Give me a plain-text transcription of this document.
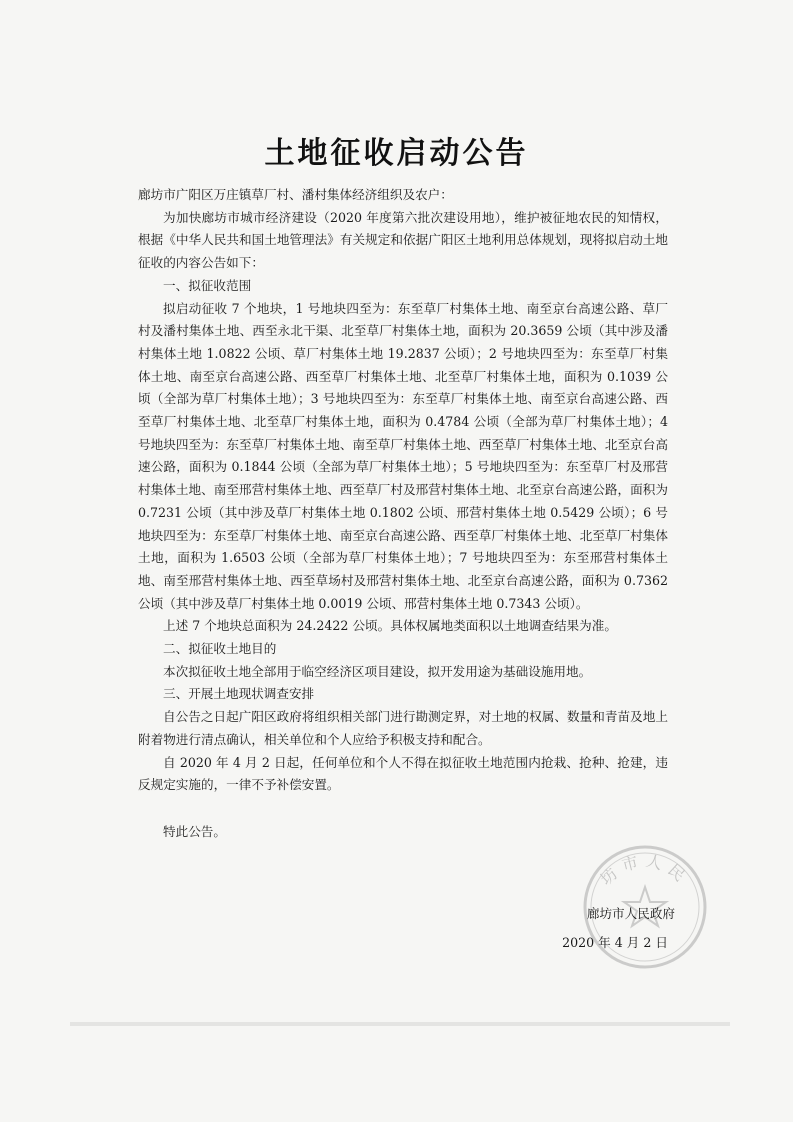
土地征收启动公告

廊坊市广阳区万庄镇草厂村、潘村集体经济组织及农户：

为加快廊坊市城市经济建设（2020 年度第六批次建设用地），维护被征地农民的知情权，根据《中华人民共和国土地管理法》有关规定和依据广阳区土地利用总体规划，现将拟启动土地征收的内容公告如下：

一、拟征收范围

拟启动征收 7 个地块，1 号地块四至为：东至草厂村集体土地、南至京台高速公路、草厂村及潘村集体土地、西至永北干渠、北至草厂村集体土地，面积为 20.3659 公顷（其中涉及潘村集体土地 1.0822 公顷、草厂村集体土地 19.2837 公顷）；2 号地块四至为：东至草厂村集体土地、南至京台高速公路、西至草厂村集体土地、北至草厂村集体土地，面积为 0.1039 公顷（全部为草厂村集体土地）；3 号地块四至为：东至草厂村集体土地、南至京台高速公路、西至草厂村集体土地、北至草厂村集体土地，面积为 0.4784 公顷（全部为草厂村集体土地）；4 号地块四至为：东至草厂村集体土地、南至草厂村集体土地、西至草厂村集体土地、北至京台高速公路，面积为 0.1844 公顷（全部为草厂村集体土地）；5 号地块四至为：东至草厂村及邢营村集体土地、南至邢营村集体土地、西至草厂村及邢营村集体土地、北至京台高速公路，面积为 0.7231 公顷（其中涉及草厂村集体土地 0.1802 公顷、邢营村集体土地 0.5429 公顷）；6 号地块四至为：东至草厂村集体土地、南至京台高速公路、西至草厂村集体土地、北至草厂村集体土地，面积为 1.6503 公顷（全部为草厂村集体土地）；7 号地块四至为：东至邢营村集体土地、南至邢营村集体土地、西至草场村及邢营村集体土地、北至京台高速公路，面积为 0.7362 公顷（其中涉及草厂村集体土地 0.0019 公顷、邢营村集体土地 0.7343 公顷）。

上述 7 个地块总面积为 24.2422 公顷。具体权属地类面积以土地调查结果为准。

二、拟征收土地目的

本次拟征收土地全部用于临空经济区项目建设，拟开发用途为基础设施用地。

三、开展土地现状调查安排

自公告之日起广阳区政府将组织相关部门进行勘测定界，对土地的权属、数量和青苗及地上附着物进行清点确认，相关单位和个人应给予积极支持和配合。

自 2020 年 4 月 2 日起，任何单位和个人不得在拟征收土地范围内抢栽、抢种、抢建，违反规定实施的，一律不予补偿安置。

特此公告。

坊市人民
廊坊市人民政府
2020 年 4 月 2 日
